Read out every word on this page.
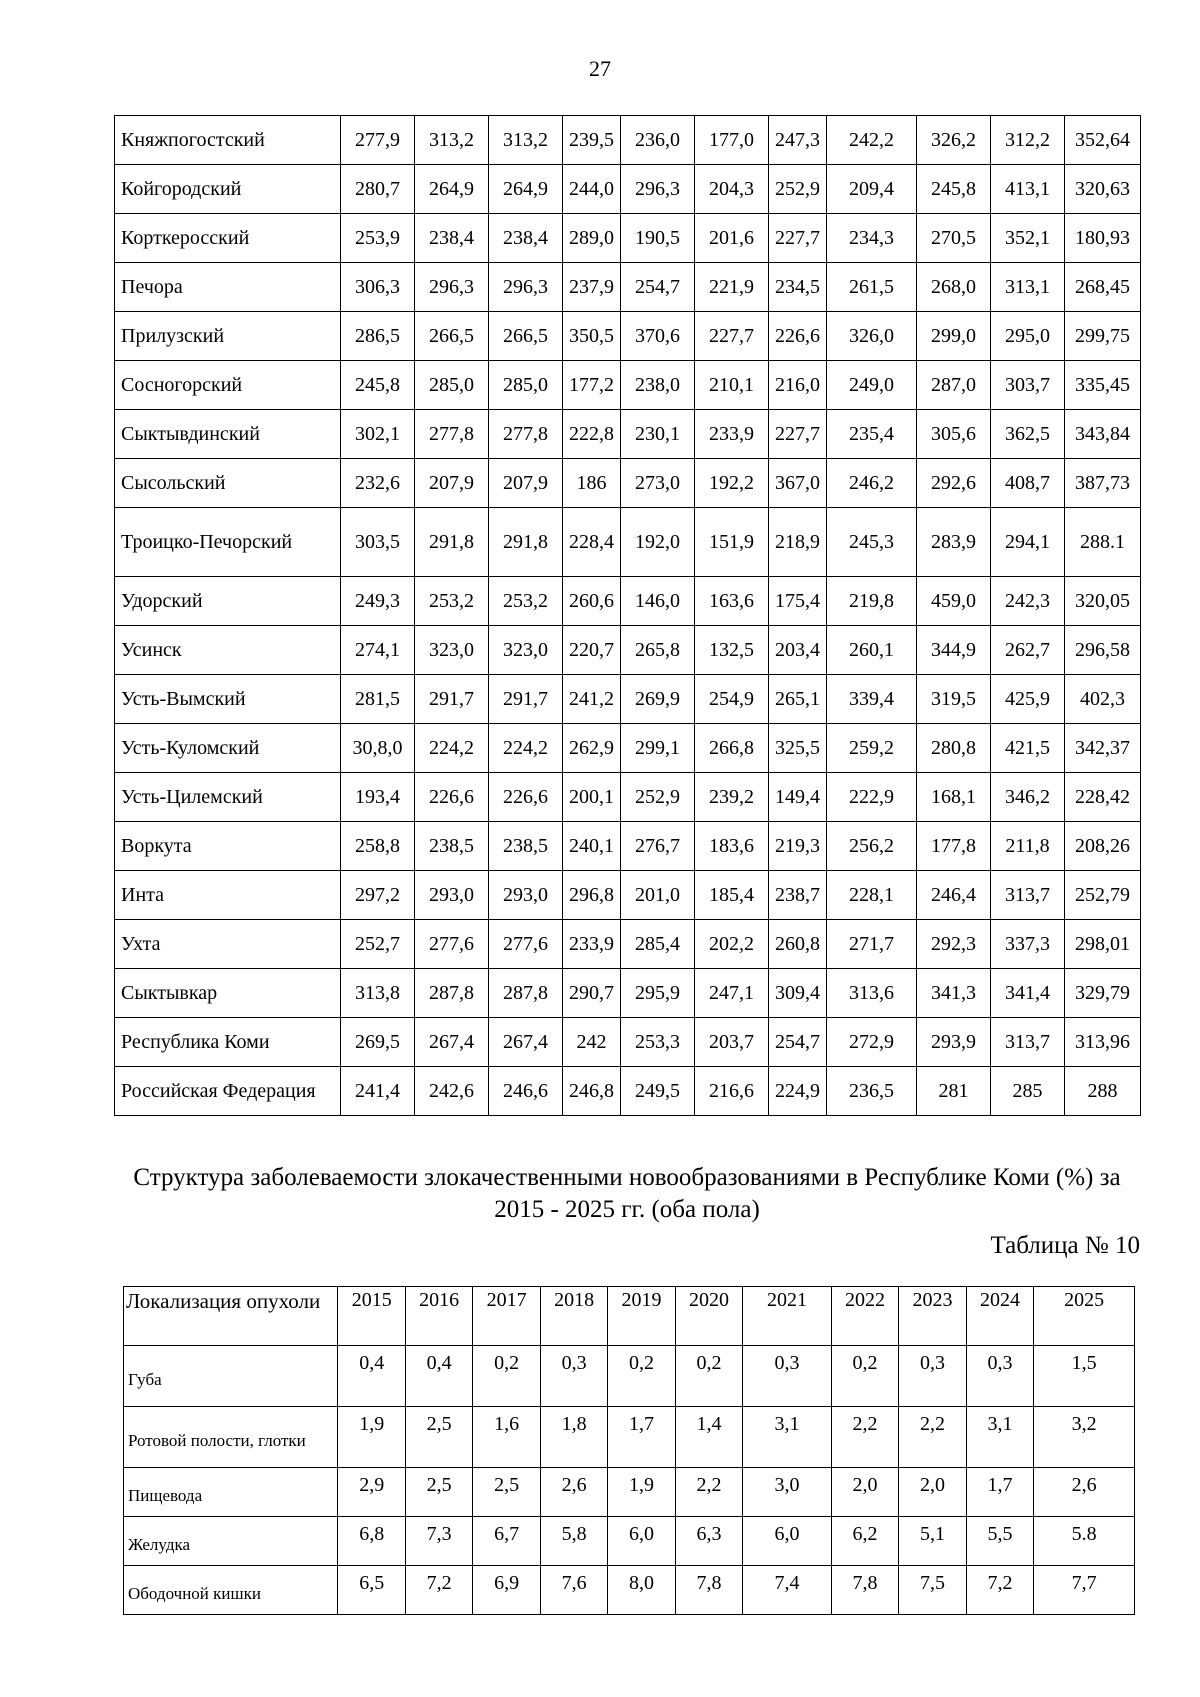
27
Княжпогостский	277,9	313,2	313,2	239,5	236,0	177,0	247,3	242,2	326,2	312,2	352,64
Койгородский	280,7	264,9	264,9	244,0	296,3	204,3	252,9	209,4	245,8	413,1	320,63
Корткеросский	253,9	238,4	238,4	289,0	190,5	201,6	227,7	234,3	270,5	352,1	180,93
Печора	306,3	296,3	296,3	237,9	254,7	221,9	234,5	261,5	268,0	313,1	268,45
Прилузский	286,5	266,5	266,5	350,5	370,6	227,7	226,6	326,0	299,0	295,0	299,75
Сосногорский	245,8	285,0	285,0	177,2	238,0	210,1	216,0	249,0	287,0	303,7	335,45
Сыктывдинский	302,1	277,8	277,8	222,8	230,1	233,9	227,7	235,4	305,6	362,5	343,84
Сысольский	232,6	207,9	207,9	186	273,0	192,2	367,0	246,2	292,6	408,7	387,73
Троицко-Печорский	303,5	291,8	291,8	228,4	192,0	151,9	218,9	245,3	283,9	294,1	288.1
Удорский	249,3	253,2	253,2	260,6	146,0	163,6	175,4	219,8	459,0	242,3	320,05
Усинск	274,1	323,0	323,0	220,7	265,8	132,5	203,4	260,1	344,9	262,7	296,58
Усть-Вымский	281,5	291,7	291,7	241,2	269,9	254,9	265,1	339,4	319,5	425,9	402,3
Усть-Куломский	30,8,0	224,2	224,2	262,9	299,1	266,8	325,5	259,2	280,8	421,5	342,37
Усть-Цилемский	193,4	226,6	226,6	200,1	252,9	239,2	149,4	222,9	168,1	346,2	228,42
Воркута	258,8	238,5	238,5	240,1	276,7	183,6	219,3	256,2	177,8	211,8	208,26
Инта	297,2	293,0	293,0	296,8	201,0	185,4	238,7	228,1	246,4	313,7	252,79
Ухта	252,7	277,6	277,6	233,9	285,4	202,2	260,8	271,7	292,3	337,3	298,01
Сыктывкар	313,8	287,8	287,8	290,7	295,9	247,1	309,4	313,6	341,3	341,4	329,79
Республика Коми	269,5	267,4	267,4	242	253,3	203,7	254,7	272,9	293,9	313,7	313,96
Российская Федерация	241,4	242,6	246,6	246,8	249,5	216,6	224,9	236,5	281	285	288
Структура заболеваемости злокачественными новообразованиями в Республике Коми (%) за 2015 - 2025 гг. (оба пола)
Таблица № 10
Локализация опухоли	2015	2016	2017	2018	2019	2020	2021	2022	2023	2024	2025
Губа	0,4	0,4	0,2	0,3	0,2	0,2	0,3	0,2	0,3	0,3	1,5
Ротовой полости, глотки	1,9	2,5	1,6	1,8	1,7	1,4	3,1	2,2	2,2	3,1	3,2
Пищевода	2,9	2,5	2,5	2,6	1,9	2,2	3,0	2,0	2,0	1,7	2,6
Желудка	6,8	7,3	6,7	5,8	6,0	6,3	6,0	6,2	5,1	5,5	5.8
Ободочной кишки	6,5	7,2	6,9	7,6	8,0	7,8	7,4	7,8	7,5	7,2	7,7
